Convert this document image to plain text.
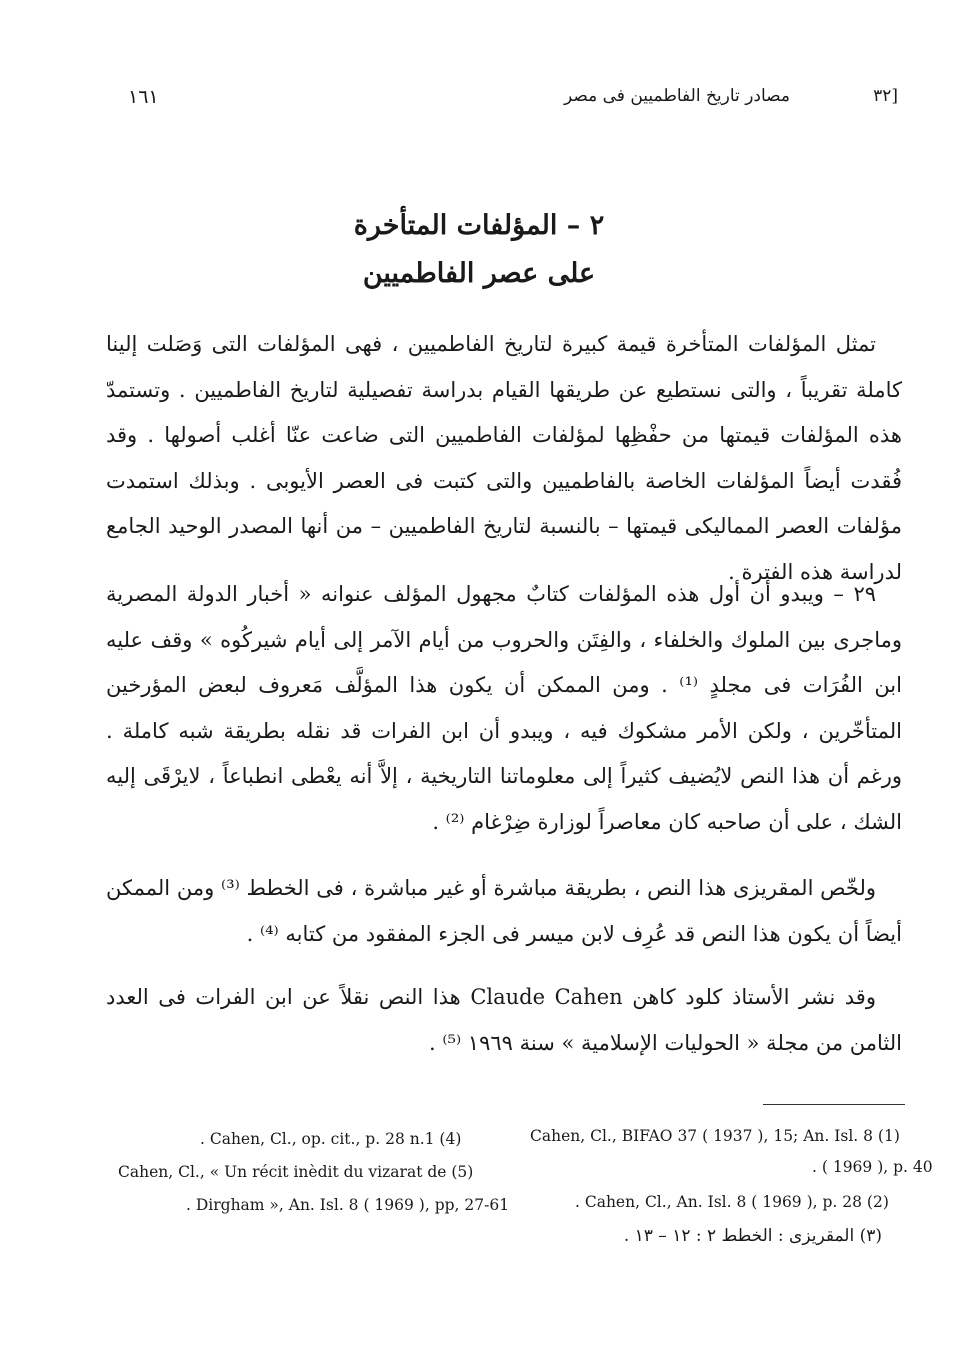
[٣٢
مصادر تاريخ الفاطميين فى مصر
١٦١
٢ – المؤلفات المتأخرة
على عصر الفاطميين
تمثل المؤلفات المتأخرة قيمة كبيرة لتاريخ الفاطميين ، فهى المؤلفات التى وَصَلت إلينا كاملة تقريباً ، والتى نستطيع عن طريقها القيام بدراسة تفصيلية لتاريخ الفاطميين . وتستمدّ هذه المؤلفات قيمتها من حفْظِها لمؤلفات الفاطميين التى ضاعت عنّا أغلب أصولها . وقد فُقدت أيضاً المؤلفات الخاصة بالفاطميين والتى كتبت فى العصر الأيوبى . وبذلك استمدت مؤلفات العصر المماليكى قيمتها – بالنسبة لتاريخ الفاطميين – من أنها المصدر الوحيد الجامع لدراسة هذه الفترة .
٢٩ – ويبدو أن أول هذه المؤلفات كتابٌ مجهول المؤلف عنوانه « أخبار الدولة المصرية وماجرى بين الملوك والخلفاء ، والفِتَن والحروب من أيام الآمر إلى أيام شيركُوه » وقف عليه ابن الفُرَات فى مجلدٍ ⁽¹⁾ . ومن الممكن أن يكون هذا المؤلَّف مَعروف لبعض المؤرخين المتأخّرين ، ولكن الأمر مشكوك فيه ، ويبدو أن ابن الفرات قد نقله بطريقة شبه كاملة . ورغم أن هذا النص لايُضيف كثيراً إلى معلوماتنا التاريخية ، إلاَّ أنه يعْطى انطباعاً ، لايرْقَى إليه الشك ، على أن صاحبه كان معاصراً لوزارة ضِرْغام ⁽²⁾ .
ولخّص المقريزى هذا النص ، بطريقة مباشرة أو غير مباشرة ، فى الخطط ⁽³⁾ ومن الممكن أيضاً أن يكون هذا النص قد عُرِف لابن ميسر فى الجزء المفقود من كتابه ⁽⁴⁾ .
وقد نشر الأستاذ كلود كاهن Claude Cahen هذا النص نقلاً عن ابن الفرات فى العدد الثامن من مجلة « الحوليات الإسلامية » سنة ١٩٦٩ ⁽⁵⁾ .
Cahen, Cl., BIFAO 37 ( 1937 ), 15; An. Isl. 8 (1)
. ( 1969 ), p. 40
. Cahen, Cl., An. Isl. 8 ( 1969 ), p. 28 (2)
(٣) المقريزى : الخطط ٢ : ١٢ – ١٣ .
. Cahen, Cl., op. cit., p. 28 n.1 (4)
Cahen, Cl., « Un récit inèdit du vizarat de (5)
. Dirgham », An. Isl. 8 ( 1969 ), pp, 27-61
